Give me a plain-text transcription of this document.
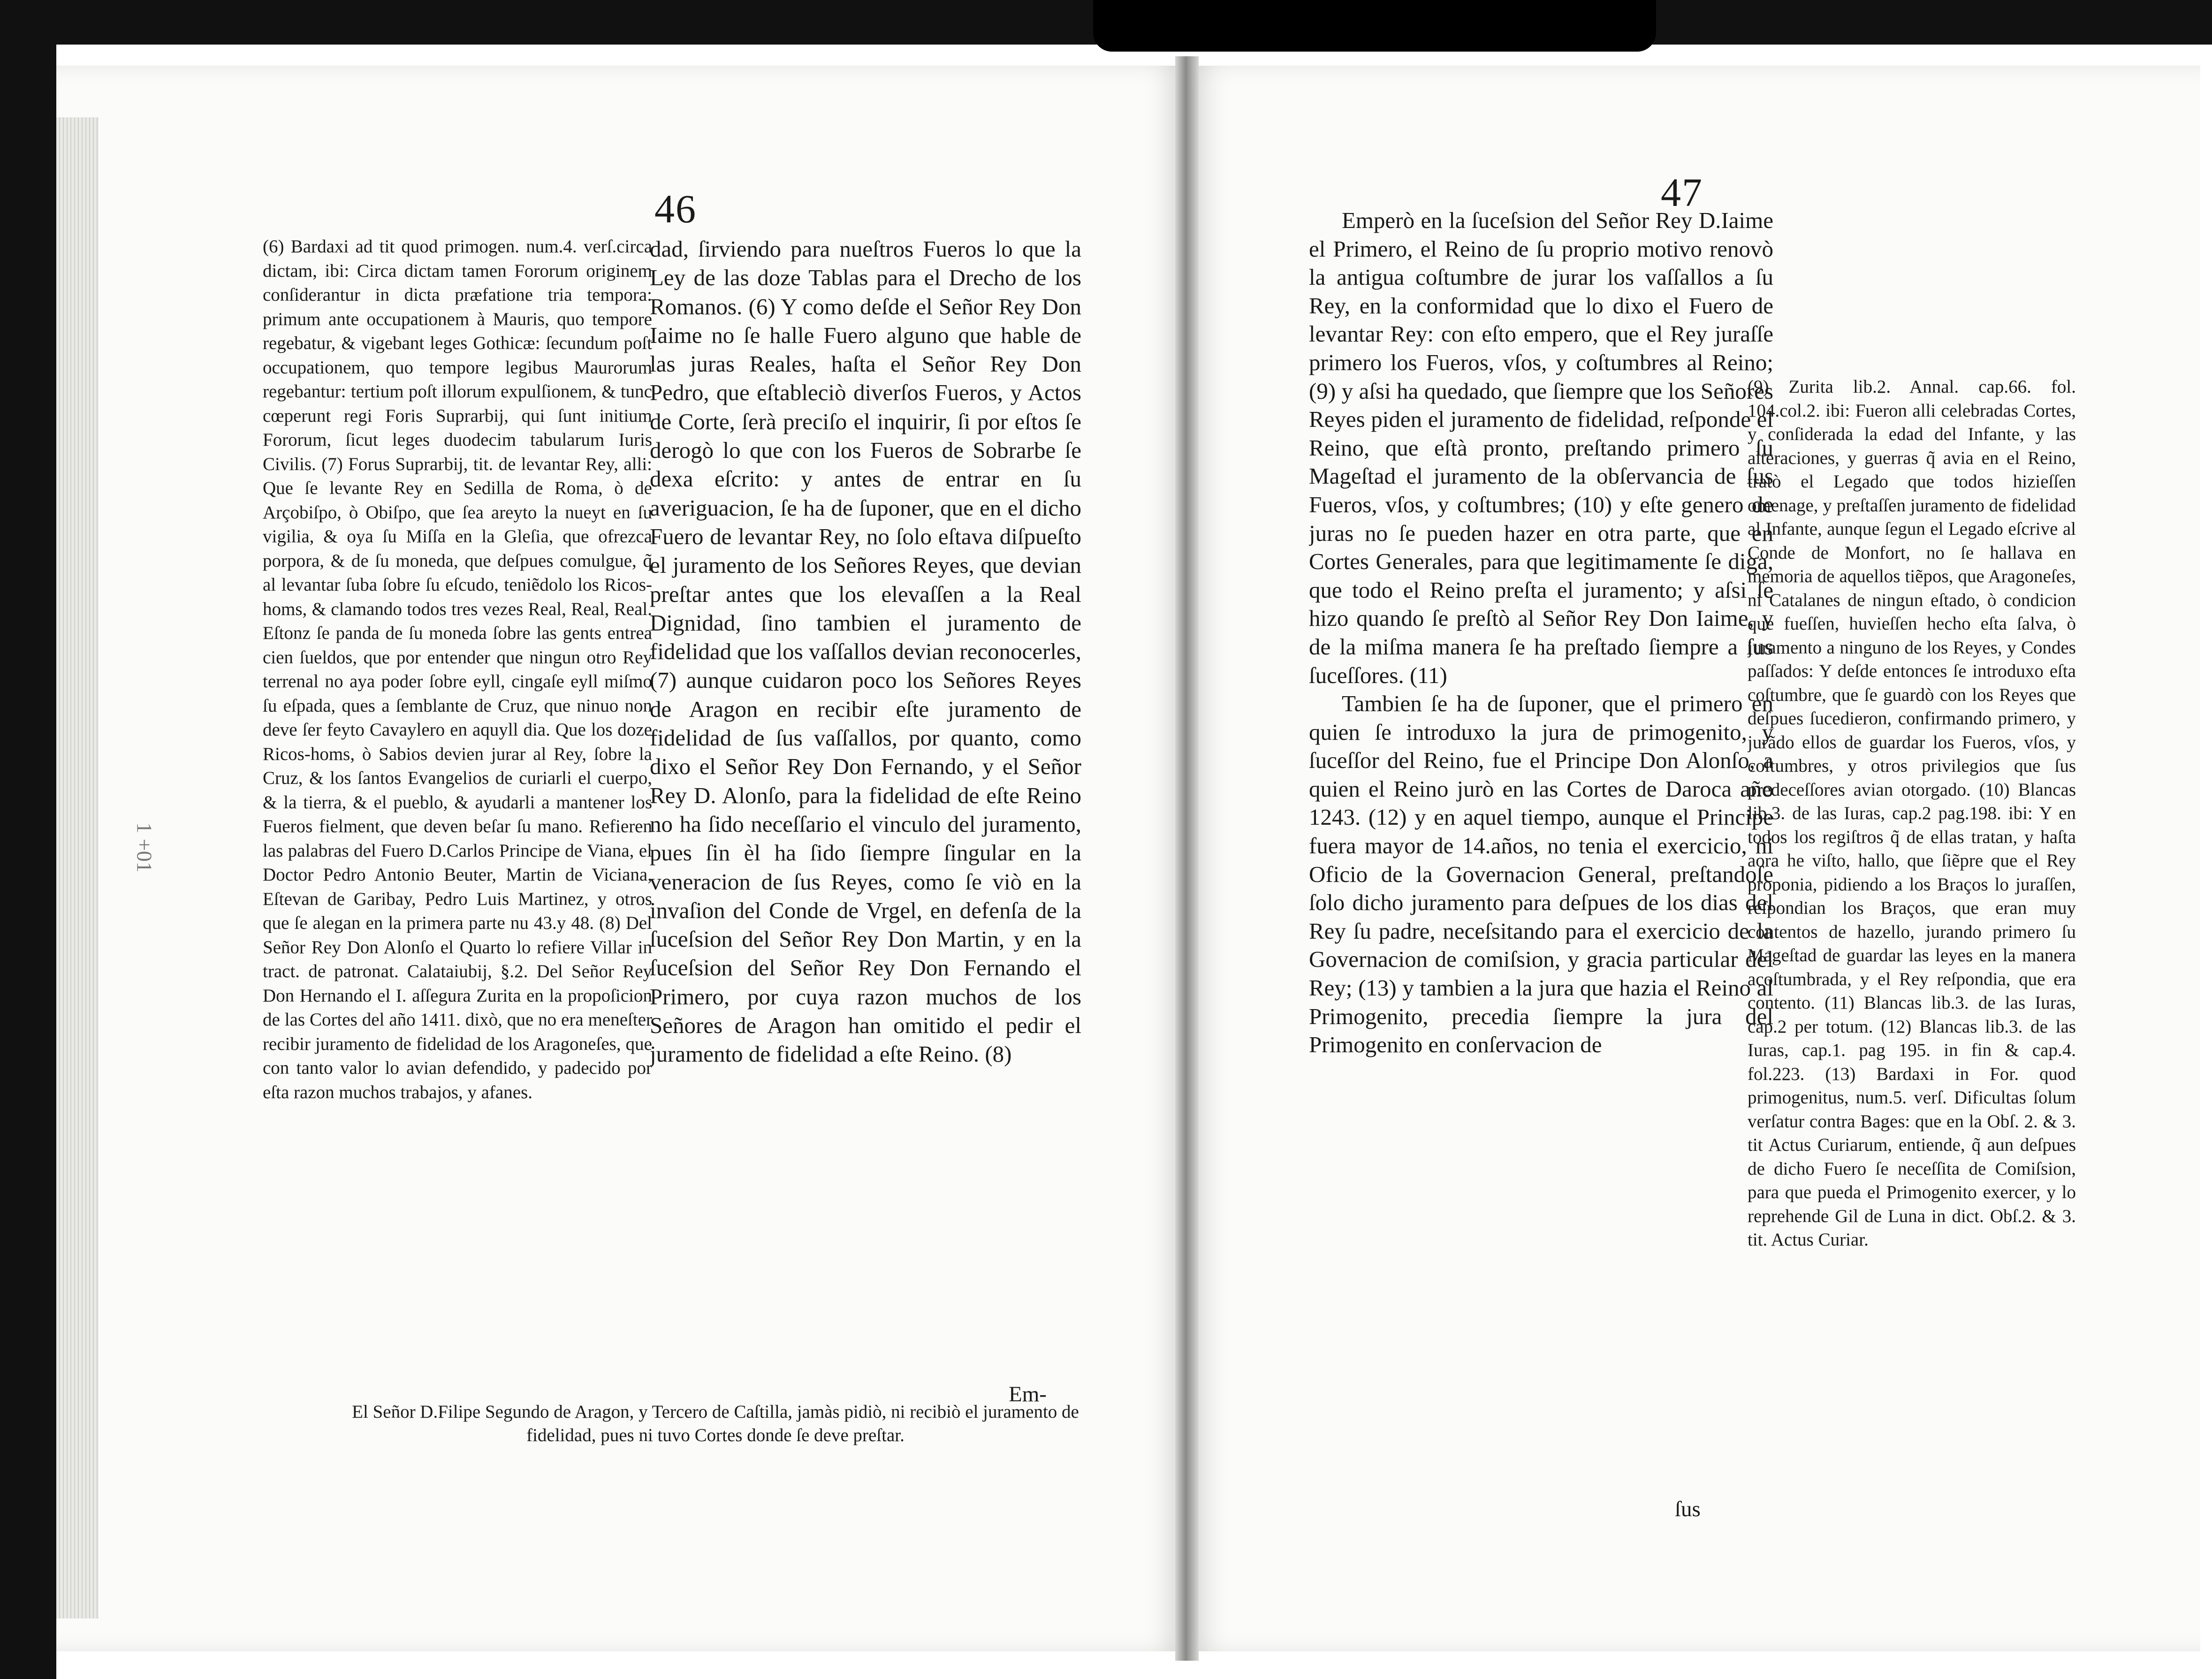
46
1 +01

(6) Bardaxi ad tit quod primogen. num.4. verſ.circa dictam, ibi: Circa dictam tamen Fororum originem conſiderantur in dicta præfatione tria tempora: primum ante occupationem à Mauris, quo tempore regebatur, & vigebant leges Gothicæ: ſecundum poſt occupationem, quo tempore legibus Maurorum regebantur: tertium poſt illorum expulſionem, & tunc cœperunt regi Foris Suprarbij, qui ſunt initium Fororum, ſicut leges duodecim tabularum Iuris Civilis. (7) Forus Suprarbij, tit. de levantar Rey, alli: Que ſe levante Rey en Sedilla de Roma, ò de Arçobiſpo, ò Obiſpo, que ſea areyto la nueyt en ſu vigilia, & oya ſu Miſſa en la Gleſia, que ofrezca porpora, & de ſu moneda, que deſpues comulgue, q̃ al levantar ſuba ſobre ſu eſcudo, teniẽdolo los Ricos-homs, & clamando todos tres vezes Real, Real, Real. Eſtonz ſe panda de ſu moneda ſobre las gents entrea cien ſueldos, que por entender que ningun otro Rey terrenal no aya poder ſobre eyll, cingaſe eyll miſmo ſu eſpada, ques a ſemblante de Cruz, que ninuo non deve ſer feyto Cavaylero en aquyll dia. Que los doze Ricos-homs, ò Sabios devien jurar al Rey, ſobre la Cruz, & los ſantos Evangelios de curiarli el cuerpo, & la tierra, & el pueblo, & ayudarli a mantener los Fueros fielment, que deven beſar ſu mano. Refieren las palabras del Fuero D.Carlos Principe de Viana, el Doctor Pedro Antonio Beuter, Martin de Viciana, Eſtevan de Garibay, Pedro Luis Martinez, y otros que ſe alegan en la primera parte nu 43.y 48. (8) Del Señor Rey Don Alonſo el Quarto lo refiere Villar in tract. de patronat. Calataiubij, §.2. Del Señor Rey Don Hernando el I. aſſegura Zurita en la propoſicion de las Cortes del año 1411. dixò, que no era meneſter recibir juramento de fidelidad de los Aragoneſes, que con tanto valor lo avian defendido, y padecido por eſta razon muchos trabajos, y afanes.

dad, ſirviendo para nueſtros Fueros lo que la Ley de las doze Tablas para el Drecho de los Romanos. (6) Y como deſde el Señor Rey Don Iaime no ſe halle Fuero alguno que hable de las juras Reales, haſta el Señor Rey Don Pedro, que eſtableciò diverſos Fueros, y Actos de Corte, ſerà preciſo el inquirir, ſi por eſtos ſe derogò lo que con los Fueros de Sobrarbe ſe dexa eſcrito: y antes de entrar en ſu averiguacion, ſe ha de ſuponer, que en el dicho Fuero de levantar Rey, no ſolo eſtava diſpueſto el juramento de los Señores Reyes, que devian preſtar antes que los elevaſſen a la Real Dignidad, ſino tambien el juramento de fidelidad que los vaſſallos devian reconocerles, (7) aunque cuidaron poco los Señores Reyes de Aragon en recibir eſte juramento de fidelidad de ſus vaſſallos, por quanto, como dixo el Señor Rey Don Fernando, y el Señor Rey D. Alonſo, para la fidelidad de eſte Reino no ha ſido neceſſario el vinculo del juramento, pues ſin èl ha ſido ſiempre ſingular en la veneracion de ſus Reyes, como ſe viò en la invaſion del Conde de Vrgel, en defenſa de la ſuceſsion del Señor Rey Don Martin, y en la ſuceſsion del Señor Rey Don Fernando el Primero, por cuya razon muchos de los Señores de Aragon han omitido el pedir el juramento de fidelidad a eſte Reino. (8)

Em-

El Señor D.Filipe Segundo de Aragon, y Tercero de Caſtilla, jamàs pidiò, ni recibiò el juramento de fidelidad, pues ni tuvo Cortes donde ſe deve preſtar.

47

Emperò en la ſuceſsion del Señor Rey D.Iaime el Primero, el Reino de ſu proprio motivo renovò la antigua coſtumbre de jurar los vaſſallos a ſu Rey, en la conformidad que lo dixo el Fuero de levantar Rey: con eſto empero, que el Rey juraſſe primero los Fueros, vſos, y coſtumbres al Reino; (9) y aſsi ha quedado, que ſiempre que los Señores Reyes piden el juramento de fidelidad, reſponde el Reino, que eſtà pronto, preſtando primero ſu Mageſtad el juramento de la obſervancia de ſus Fueros, vſos, y coſtumbres; (10) y eſte genero de juras no ſe pueden hazer en otra parte, que en Cortes Generales, para que legitimamente ſe diga, que todo el Reino preſta el juramento; y aſsi ſe hizo quando ſe preſtò al Señor Rey Don Iaime, y de la miſma manera ſe ha preſtado ſiempre a ſus ſuceſſores. (11)

Tambien ſe ha de ſuponer, que el primero en quien ſe introduxo la jura de primogenito, y ſuceſſor del Reino, fue el Principe Don Alonſo, a quien el Reino jurò en las Cortes de Daroca año 1243. (12) y en aquel tiempo, aunque el Principe fuera mayor de 14.años, no tenia el exercicio, ni Oficio de la Governacion General, preſtandoſe ſolo dicho juramento para deſpues de los dias del Rey ſu padre, neceſsitando para el exercicio de la Governacion de comiſsion, y gracia particular del Rey; (13) y tambien a la jura que hazia el Reino al Primogenito, precedia ſiempre la jura del Primogenito en conſervacion de

ſus

(9) Zurita lib.2. Annal. cap.66. fol. 104.col.2. ibi: Fueron alli celebradas Cortes, y conſiderada la edad del Infante, y las alteraciones, y guerras q̃ avia en el Reino, tratò el Legado que todos hizieſſen omenage, y preſtaſſen juramento de fidelidad al Infante, aunque ſegun el Legado eſcrive al Conde de Monfort, no ſe hallava en memoria de aquellos tiẽpos, que Aragoneſes, ni Catalanes de ningun eſtado, ò condicion que fueſſen, huvieſſen hecho eſta ſalva, ò juramento a ninguno de los Reyes, y Condes paſſados: Y deſde entonces ſe introduxo eſta coſtumbre, que ſe guardò con los Reyes que deſpues ſucedieron, confirmando primero, y jurãdo ellos de guardar los Fueros, vſos, y coſtumbres, y otros privilegios que ſus predeceſſores avian otorgado. (10) Blancas lib.3. de las Iuras, cap.2 pag.198. ibi: Y en todos los regiſtros q̃ de ellas tratan, y haſta aora he viſto, hallo, que ſiẽpre que el Rey proponia, pidiendo a los Braços lo juraſſen, reſpondian los Braços, que eran muy contentos de hazello, jurando primero ſu Mageſtad de guardar las leyes en la manera acoſtumbrada, y el Rey reſpondia, que era contento. (11) Blancas lib.3. de las Iuras, cap.2 per totum. (12) Blancas lib.3. de las Iuras, cap.1. pag 195. in fin & cap.4. fol.223. (13) Bardaxi in For. quod primogenitus, num.5. verſ. Dificultas ſolum verſatur contra Bages: que en la Obſ. 2. & 3. tit Actus Curiarum, entiende, q̃ aun deſpues de dicho Fuero ſe neceſſita de Comiſsion, para que pueda el Primogenito exercer, y lo reprehende Gil de Luna in dict. Obſ.2. & 3. tit. Actus Curiar.
